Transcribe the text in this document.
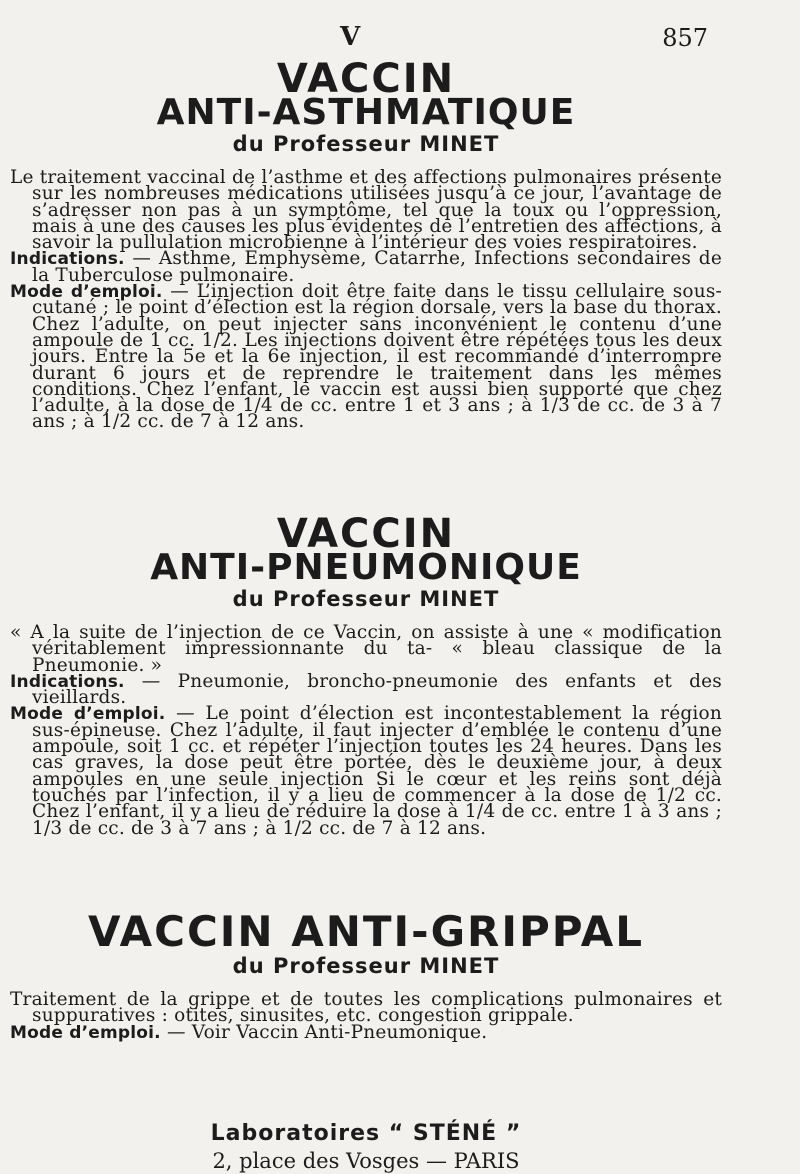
V	857
VACCIN
ANTI-ASTHMATIQUE
du Professeur MINET

Le traitement vaccinal de l’asthme et des affections pulmonaires présente sur les nombreuses médications utilisées jusqu’à ce jour, l’avantage de s’adresser non pas à un symptôme, tel que la toux ou l’oppression, mais à une des causes les plus évidentes de l’entretien des affections, à savoir la pullulation microbienne à l’intérieur des voies respiratoires.

Indications. — Asthme, Emphysème, Catarrhe, Infections secondaires de la Tuberculose pulmonaire.

Mode d’emploi. — L’injection doit être faite dans le tissu cellulaire sous-cutané ; le point d’élection est la région dorsale, vers la base du thorax. Chez l’adulte, on peut injecter sans inconvénient le contenu d’une ampoule de 1 cc. 1/2. Les injections doivent être répétées tous les deux jours. Entre la 5e et la 6e injection, il est recommandé d’interrompre durant 6 jours et de reprendre le traitement dans les mêmes conditions. Chez l’enfant, le vaccin est aussi bien supporté que chez l’adulte, à la dose de 1/4 de cc. entre 1 et 3 ans ; à 1/3 de cc. de 3 à 7 ans ; à 1/2 cc. de 7 à 12 ans.

VACCIN
ANTI-PNEUMONIQUE
du Professeur MINET

« A la suite de l’injection de ce Vaccin, on assiste à une « modification véritablement impressionnante du ta- « bleau classique de la Pneumonie. »

Indications. — Pneumonie, broncho-pneumonie des enfants et des vieillards.

Mode d’emploi. — Le point d’élection est incontestablement la région sus-épineuse. Chez l’adulte, il faut injecter d’emblée le contenu d’une ampoule, soit 1 cc. et répéter l’injection toutes les 24 heures. Dans les cas graves, la dose peut être portée, dès le deuxième jour, à deux ampoules en une seule injection Si le cœur et les reins sont déjà touchés par l’infection, il y a lieu de commencer à la dose de 1/2 cc. Chez l’enfant, il y a lieu de réduire la dose à 1/4 de cc. entre 1 à 3 ans ; 1/3 de cc. de 3 à 7 ans ; à 1/2 cc. de 7 à 12 ans.

VACCIN ANTI-GRIPPAL
du Professeur MINET

Traitement de la grippe et de toutes les complications pulmonaires et suppuratives : otites, sinusites, etc. congestion grippale.

Mode d’emploi. — Voir Vaccin Anti-Pneumonique.

Laboratoires “ STÉNÉ ”
2, place des Vosges — PARIS
